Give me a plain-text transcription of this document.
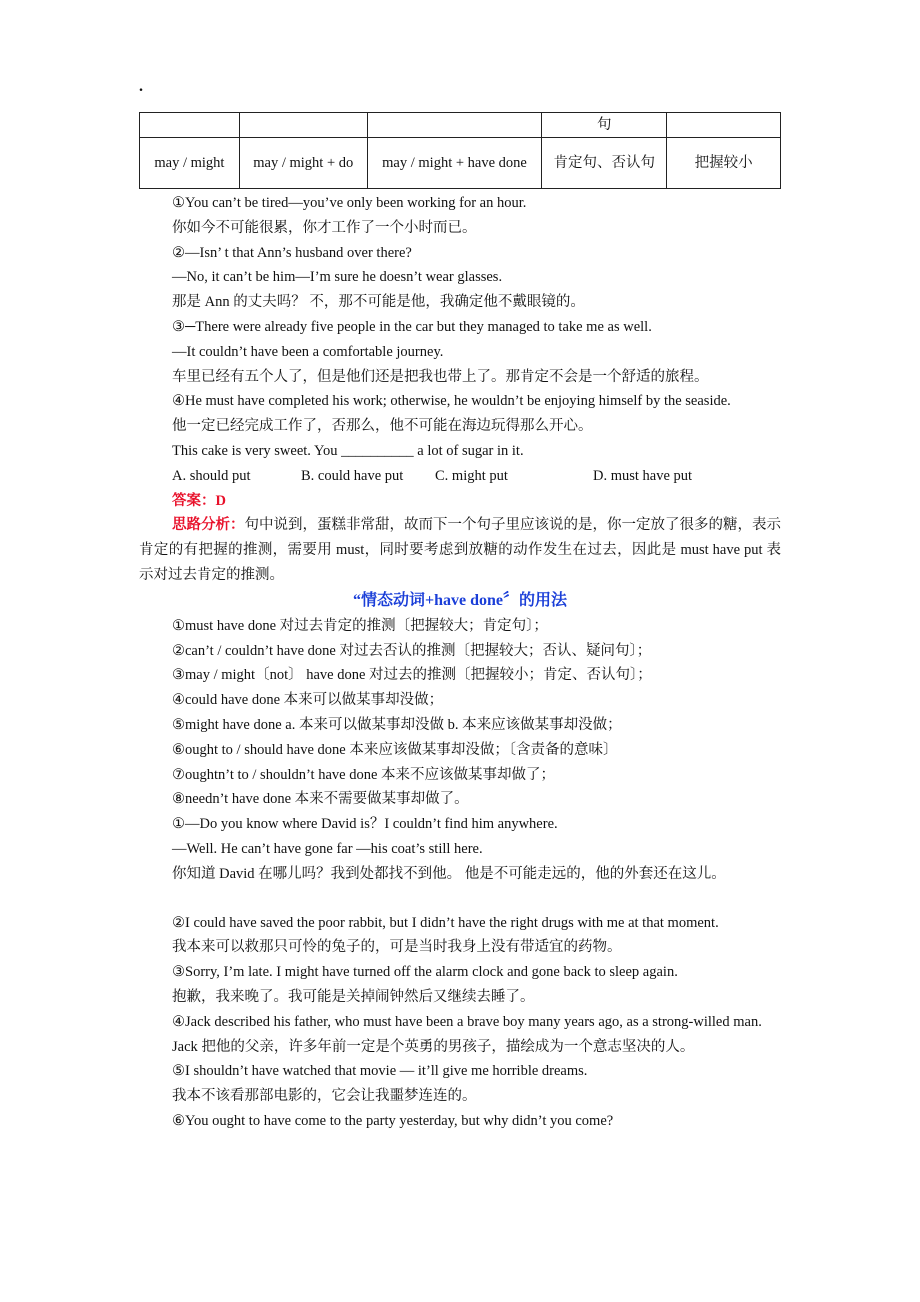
.
			句	
may / might	may / might + do	may / might + have done	肯定句、否认句	把握较小
①You can’t be tired—you’ve only been working for an hour.
你如今不可能很累，你才工作了一个小时而已。
②—Isn’ t that Ann’s husband over there?
—No, it can’t be him—I’m sure he doesn’t wear glasses.
那是 Ann 的丈夫吗？ 不，那不可能是他，我确定他不戴眼镜的。
③─There were already five people in the car but they managed to take me as well.
—It couldn’t have been a comfortable journey.
车里已经有五个人了，但是他们还是把我也带上了。那肯定不会是一个舒适的旅程。
④He must have completed his work; otherwise, he wouldn’t be enjoying himself by the seaside.
他一定已经完成工作了，否那么，他不可能在海边玩得那么开心。
This cake is very sweet. You __________ a lot of sugar in it.
A. should put	B. could have put C. might put	D. must have put
答案：D
思路分析：句中说到，蛋糕非常甜，故而下一个句子里应该说的是，你一定放了很多的糖，表示肯定的有把握的推测，需要用 must，同时要考虑到放糖的动作发生在过去，因此是 must have put 表示对过去肯定的推测。
“情态动词+have done〞的用法
①must have done 对过去肯定的推测〔把握较大；肯定句〕；
②can’t / couldn’t have done 对过去否认的推测〔把握较大；否认、疑问句〕；
③may / might〔not〕 have done 对过去的推测〔把握较小；肯定、否认句〕；
④could have done 本来可以做某事却没做；
⑤might have done a. 本来可以做某事却没做 b. 本来应该做某事却没做；
⑥ought to / should have done 本来应该做某事却没做；〔含责备的意味〕
⑦oughtn’t to / shouldn’t have done 本来不应该做某事却做了；
⑧needn’t have done 本来不需要做某事却做了。
①—Do you know where David is？I couldn’t find him anywhere.
—Well. He can’t have gone far —his coat’s still here.
你知道 David 在哪儿吗？我到处都找不到他。 他是不可能走远的，他的外套还在这儿。
②I could have saved the poor rabbit, but I didn’t have the right drugs with me at that moment.
我本来可以救那只可怜的兔子的，可是当时我身上没有带适宜的药物。
③Sorry, I’m late. I might have turned off the alarm clock and gone back to sleep again.
抱歉，我来晚了。我可能是关掉闹钟然后又继续去睡了。
④Jack described his father, who must have been a brave boy many years ago, as a strong-willed man.
Jack 把他的父亲，许多年前一定是个英勇的男孩子，描绘成为一个意志坚决的人。
⑤I shouldn’t have watched that movie — it’ll give me horrible dreams.
我本不该看那部电影的，它会让我噩梦连连的。
⑥You ought to have come to the party yesterday, but why didn’t you come?
